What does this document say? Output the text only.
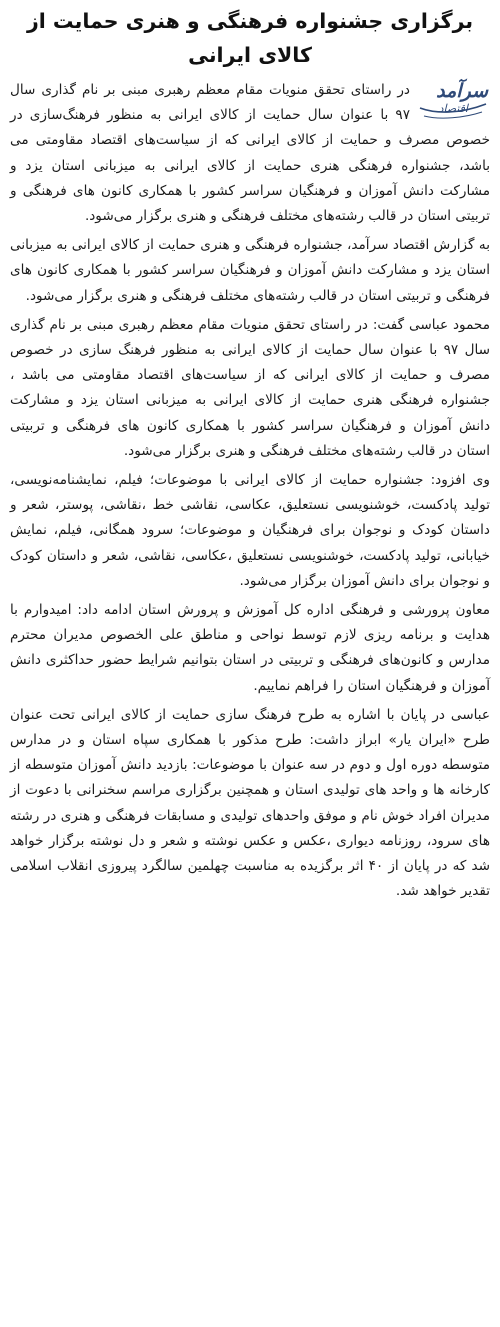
برگزاری جشنواره فرهنگی و هنری حمایت از کالای ایرانی
سرآمد
اقتصاد
در راستای تحقق منویات مقام معظم رهبری مبنی بر نام گذاری سال ۹۷ با عنوان سال حمایت از کالای ایرانی به منظور فرهنگ‌سازی در خصوص مصرف و حمایت از کالای ایرانی که از سیاست‌های اقتصاد مقاومتی می باشد، جشنواره فرهنگی هنری حمایت از کالای ایرانی به میزبانی استان یزد و مشارکت دانش آموزان و فرهنگیان سراسر کشور با همکاری کانون های فرهنگی و تربیتی استان در قالب رشته‌های مختلف فرهنگی و هنری برگزار می‌شود.
به گزارش اقتصاد سرآمد، جشنواره فرهنگی و هنری حمایت از کالای ایرانی به میزبانی استان یزد و مشارکت دانش آموزان و فرهنگیان سراسر کشور با همکاری کانون های فرهنگی و تربیتی استان در قالب رشته‌های مختلف فرهنگی و هنری برگزار می‌شود.
محمود عباسی گفت: در راستای تحقق منویات مقام معظم رهبری مبنی بر نام گذاری سال ۹۷ با عنوان سال حمایت از کالای ایرانی به منظور فرهنگ سازی در خصوص مصرف و حمایت از کالای ایرانی که از سیاست‌های اقتصاد مقاومتی می باشد ، جشنواره فرهنگی هنری حمایت از کالای ایرانی به میزبانی استان یزد و مشارکت دانش آموزان و فرهنگیان سراسر کشور با همکاری کانون های فرهنگی و تربیتی استان در قالب رشته‌های مختلف فرهنگی و هنری برگزار می‌شود.
وی افزود: جشنواره حمایت از کالای ایرانی با موضوعات؛ فیلم، نمایشنامه‌نویسی، تولید پادکست، خوشنویسی نستعلیق، عکاسی، نقاشی خط ،نقاشی، پوستر، شعر و داستان کودک و نوجوان برای فرهنگیان و موضوعات؛ سرود همگانی، فیلم، نمایش خیابانی، تولید پادکست، خوشنویسی نستعلیق ،عکاسی، نقاشی، شعر و داستان کودک و نوجوان برای دانش آموزان برگزار می‌شود.
معاون پرورشی و فرهنگی اداره کل آموزش و پرورش استان ادامه داد: امیدوارم با هدایت و برنامه ریزی لازم توسط نواحی و مناطق علی الخصوص مدیران محترم مدارس و کانون‌های فرهنگی و تربیتی در استان بتوانیم شرایط حضور حداکثری دانش آموزان و فرهنگیان استان را فراهم نماییم.
عباسی در پایان با اشاره به طرح فرهنگ سازی حمایت از کالای ایرانی تحت عنوان طرح «ایران یار» ابراز داشت: طرح مذکور با همکاری سپاه استان و در مدارس متوسطه دوره اول و دوم در سه عنوان با موضوعات: بازدید دانش آموزان متوسطه از کارخانه ها و واحد های تولیدی استان و همچنین برگزاری مراسم سخنرانی با دعوت از مدیران افراد خوش نام و موفق واحدهای تولیدی و مسابقات فرهنگی و هنری در رشته های سرود، روزنامه دیواری ،عکس و عکس نوشته و شعر و دل نوشته برگزار خواهد شد که در پایان از ۴۰ اثر برگزیده به مناسبت چهلمین سالگرد پیروزی انقلاب اسلامی تقدیر خواهد شد.
